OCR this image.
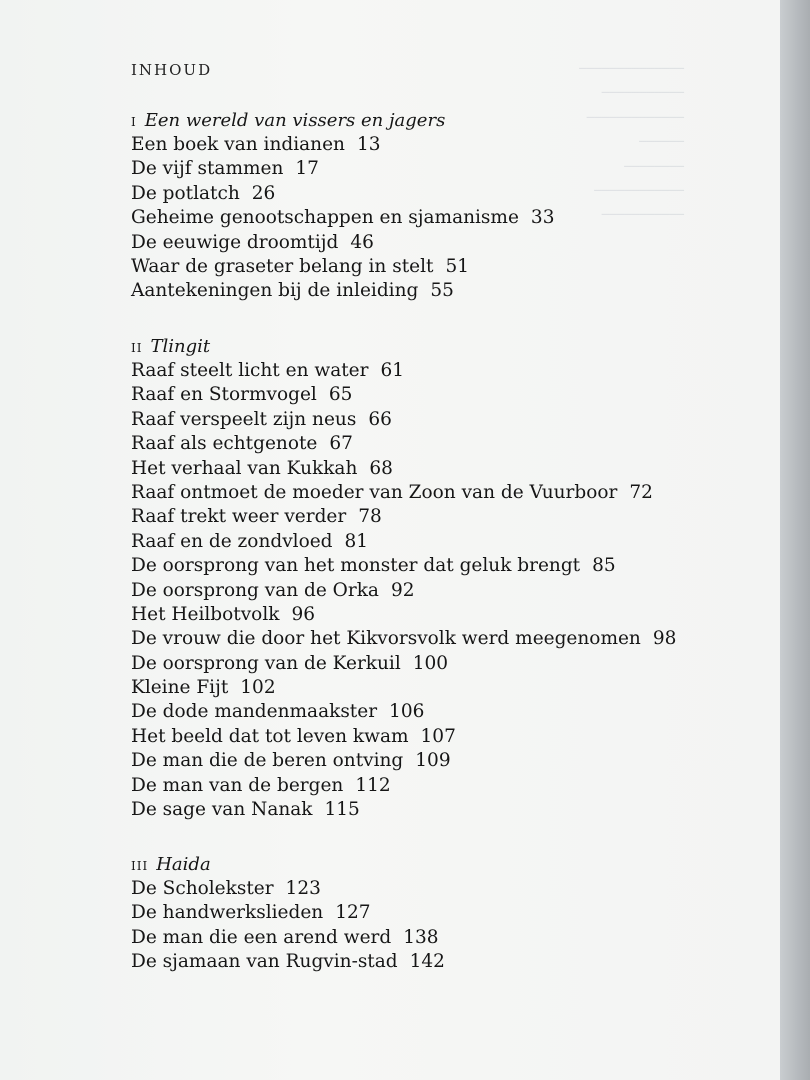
⎯⎯⎯⎯⎯⎯⎯⎯⎯⎯⎯⎯⎯⎯
⎯⎯⎯⎯⎯⎯⎯⎯⎯⎯⎯
⎯⎯⎯⎯⎯⎯⎯⎯⎯⎯⎯⎯⎯
⎯⎯⎯⎯⎯⎯
⎯⎯⎯⎯⎯⎯⎯⎯
⎯⎯⎯⎯⎯⎯⎯⎯⎯⎯⎯⎯
⎯⎯⎯⎯⎯⎯⎯⎯⎯⎯⎯
INHOUD
I Een wereld van vissers en jagers
Een boek van indianen 13
De vijf stammen 17
De potlatch 26
Geheime genootschappen en sjamanisme 33
De eeuwige droomtijd 46
Waar de graseter belang in stelt 51
Aantekeningen bij de inleiding 55
II Tlingit
Raaf steelt licht en water 61
Raaf en Stormvogel 65
Raaf verspeelt zijn neus 66
Raaf als echtgenote 67
Het verhaal van Kukkah 68
Raaf ontmoet de moeder van Zoon van de Vuurboor 72
Raaf trekt weer verder 78
Raaf en de zondvloed 81
De oorsprong van het monster dat geluk brengt 85
De oorsprong van de Orka 92
Het Heilbotvolk 96
De vrouw die door het Kikvorsvolk werd meegenomen 98
De oorsprong van de Kerkuil 100
Kleine Fijt 102
De dode mandenmaakster 106
Het beeld dat tot leven kwam 107
De man die de beren ontving 109
De man van de bergen 112
De sage van Nanak 115
III Haida
De Scholekster 123
De handwerkslieden 127
De man die een arend werd 138
De sjamaan van Rugvin-stad 142
